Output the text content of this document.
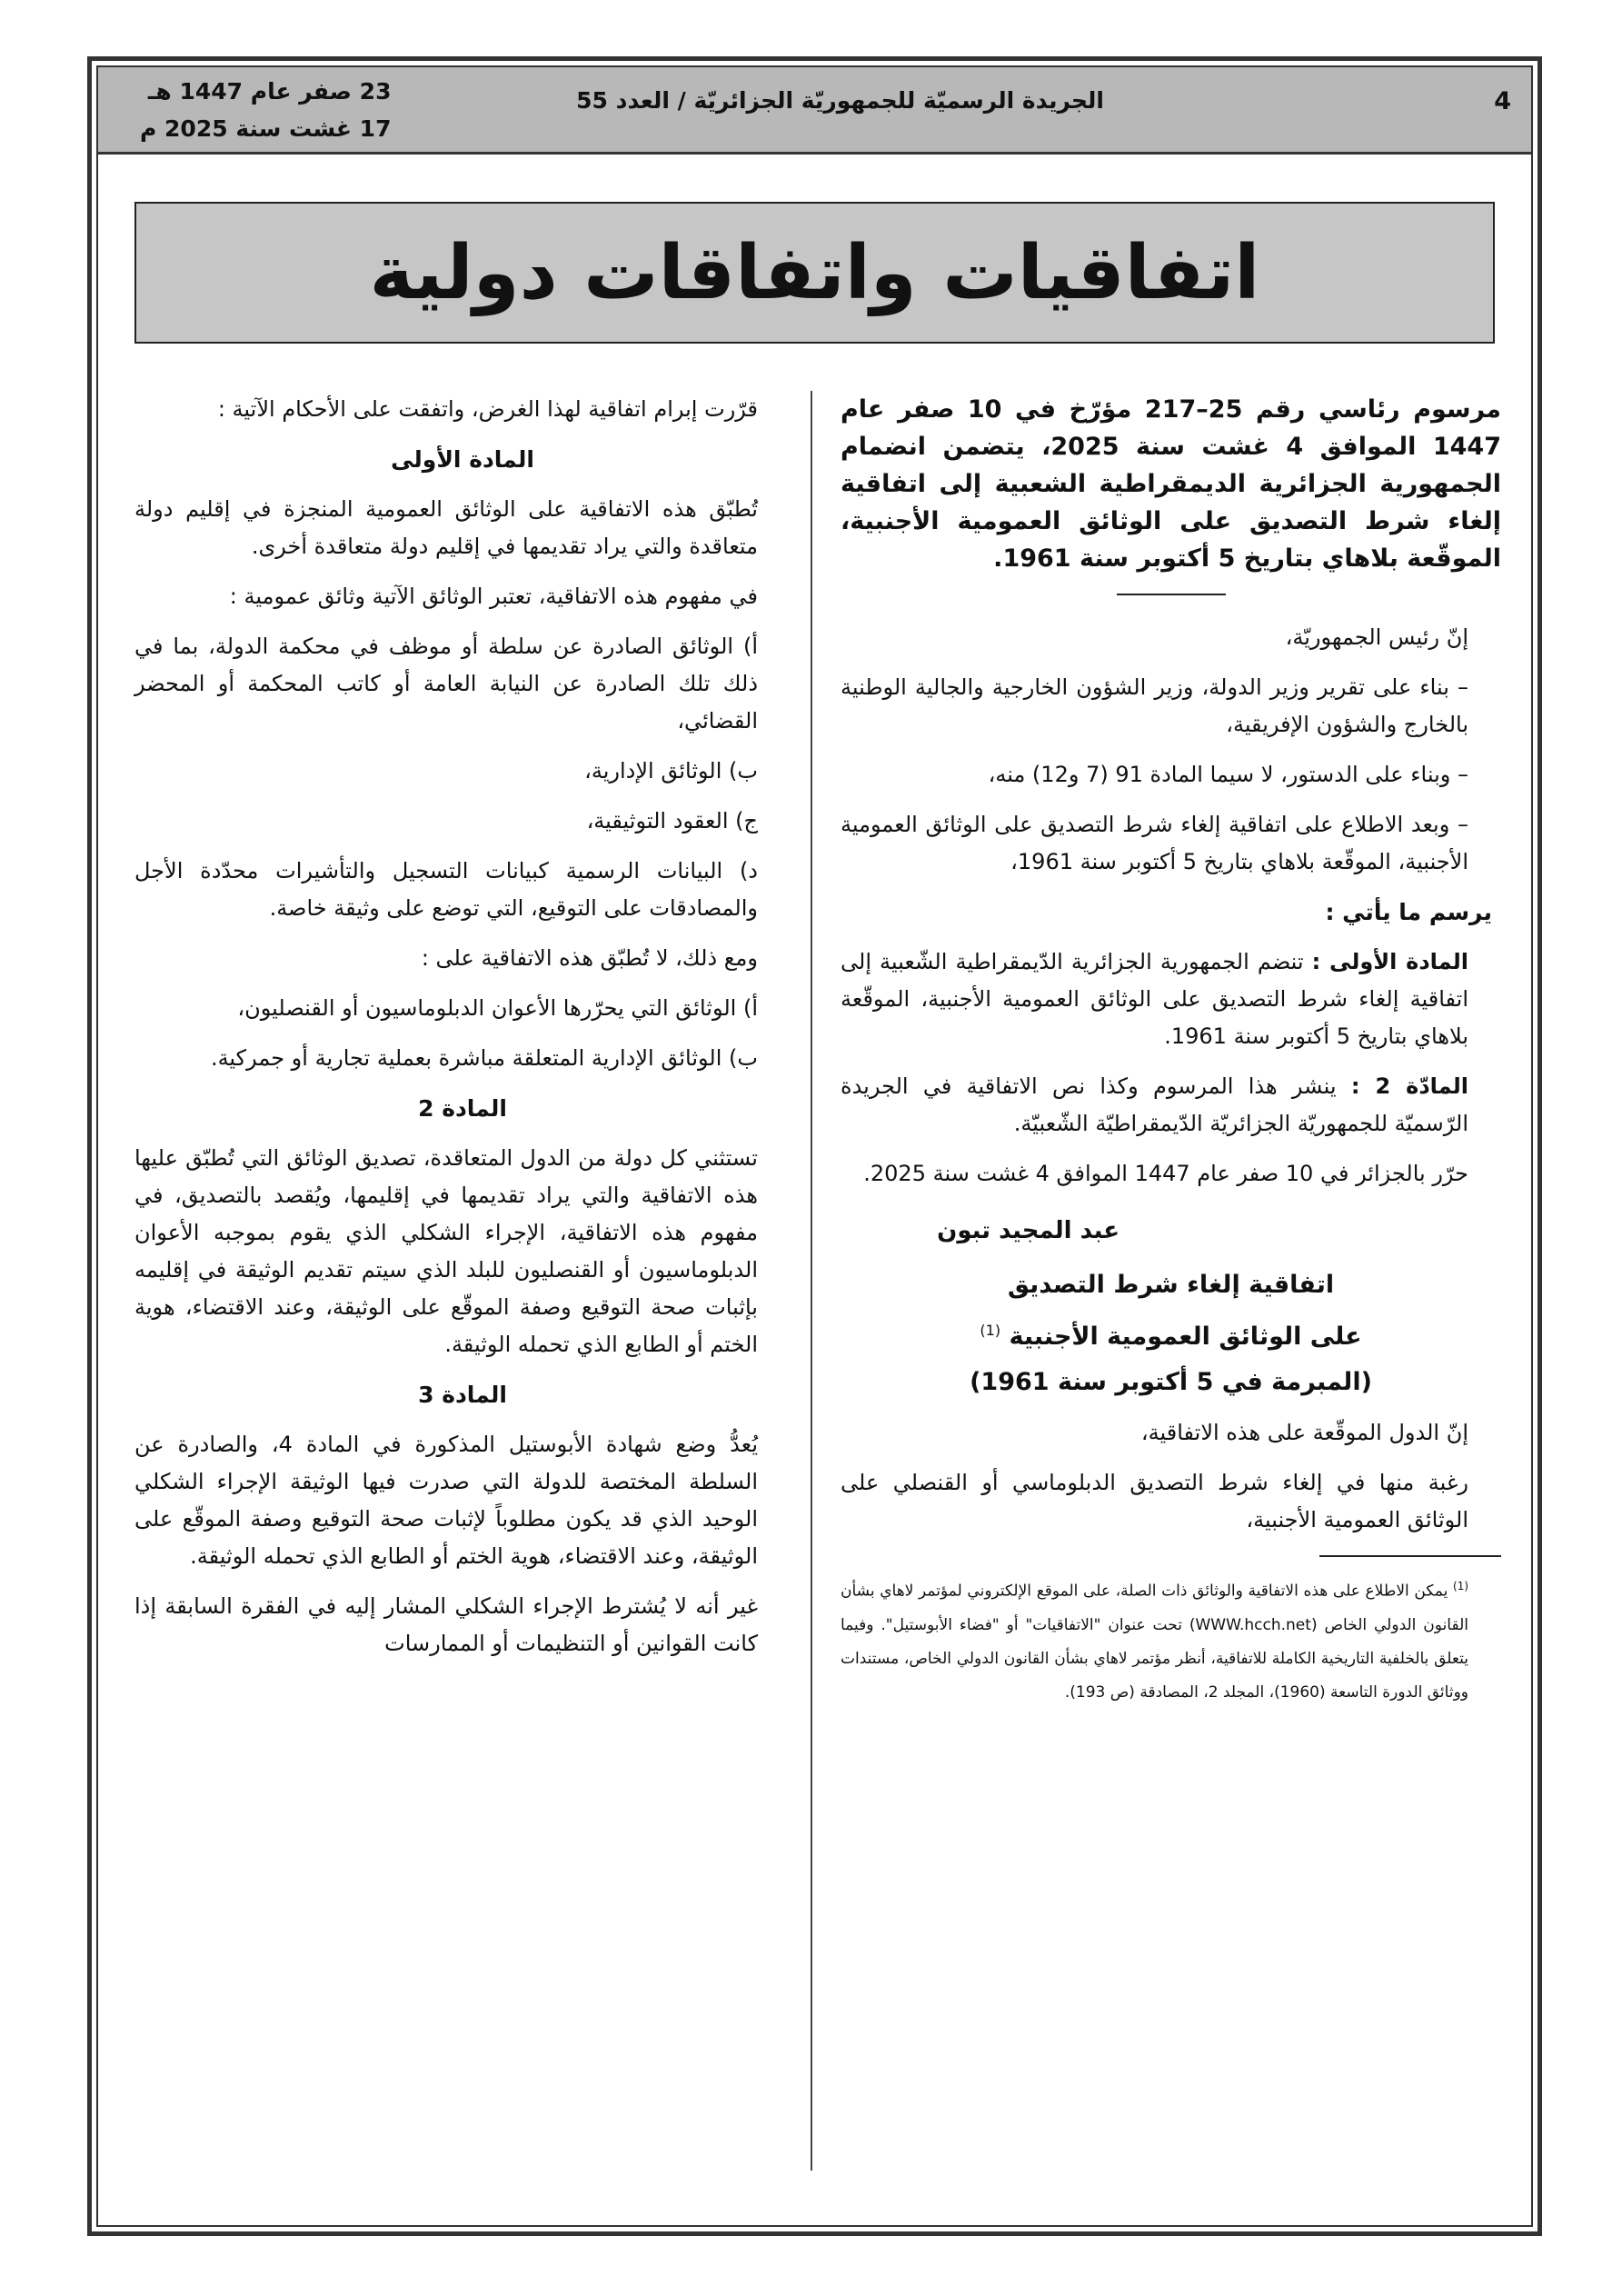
4
الجريدة الرسميّة للجمهوريّة الجزائريّة / العدد 55
23 صفر عام 1447 هـ
17 غشت سنة 2025 م
اتفاقيات واتفاقات دولية

مرسوم رئاسي رقم 25–217 مؤرّخ في 10 صفر عام 1447 الموافق 4 غشت سنة 2025، يتضمن انضمام الجمهورية الجزائرية الديمقراطية الشعبية إلى اتفاقية إلغاء شرط التصديق على الوثائق العمومية الأجنبية، الموقّعة بلاهاي بتاريخ 5 أكتوبر سنة 1961.

إنّ رئيس الجمهوريّة،

– بناء على تقرير وزير الدولة، وزير الشؤون الخارجية والجالية الوطنية بالخارج والشؤون الإفريقية،

– وبناء على الدستور، لا سيما المادة 91 (7 و12) منه،

– وبعد الاطلاع على اتفاقية إلغاء شرط التصديق على الوثائق العمومية الأجنبية، الموقّعة بلاهاي بتاريخ 5 أكتوبر سنة 1961،

يرسم ما يأتي :

المادة الأولى : تنضم الجمهورية الجزائرية الدّيمقراطية الشّعبية إلى اتفاقية إلغاء شرط التصديق على الوثائق العمومية الأجنبية، الموقّعة بلاهاي بتاريخ 5 أكتوبر سنة 1961.

المادّة 2 : ينشر هذا المرسوم وكذا نص الاتفاقية في الجريدة الرّسميّة للجمهوريّة الجزائريّة الدّيمقراطيّة الشّعبيّة.

حرّر بالجزائر في 10 صفر عام 1447 الموافق 4 غشت سنة 2025.

عبد المجيد تبون

اتفاقية إلغاء شرط التصديق
على الوثائق العمومية الأجنبية $^{(1)}$
(المبرمة في 5 أكتوبر سنة 1961)

إنّ الدول الموقّعة على هذه الاتفاقية،

رغبة منها في إلغاء شرط التصديق الدبلوماسي أو القنصلي على الوثائق العمومية الأجنبية،

$^{(1)}$ يمكن الاطلاع على هذه الاتفاقية والوثائق ذات الصلة، على الموقع الإلكتروني لمؤتمر لاهاي بشأن القانون الدولي الخاص (WWW.hcch.net) تحت عنوان "الاتفاقيات" أو "فضاء الأبوستيل". وفيما يتعلق بالخلفية التاريخية الكاملة للاتفاقية، أنظر مؤتمر لاهاي بشأن القانون الدولي الخاص، مستندات ووثائق الدورة التاسعة (1960)، المجلد 2، المصادقة (ص 193).

قرّرت إبرام اتفاقية لهذا الغرض، واتفقت على الأحكام الآتية :

المادة الأولى

تُطبّق هذه الاتفاقية على الوثائق العمومية المنجزة في إقليم دولة متعاقدة والتي يراد تقديمها في إقليم دولة متعاقدة أخرى.

في مفهوم هذه الاتفاقية، تعتبر الوثائق الآتية وثائق عمومية :

أ) الوثائق الصادرة عن سلطة أو موظف في محكمة الدولة، بما في ذلك تلك الصادرة عن النيابة العامة أو كاتب المحكمة أو المحضر القضائي،

ب) الوثائق الإدارية،

ج) العقود التوثيقية،

د) البيانات الرسمية كبيانات التسجيل والتأشيرات محدّدة الأجل والمصادقات على التوقيع، التي توضع على وثيقة خاصة.

ومع ذلك، لا تُطبّق هذه الاتفاقية على :

أ) الوثائق التي يحرّرها الأعوان الدبلوماسيون أو القنصليون،

ب) الوثائق الإدارية المتعلقة مباشرة بعملية تجارية أو جمركية.

المادة 2

تستثني كل دولة من الدول المتعاقدة، تصديق الوثائق التي تُطبّق عليها هذه الاتفاقية والتي يراد تقديمها في إقليمها، ويُقصد بالتصديق، في مفهوم هذه الاتفاقية، الإجراء الشكلي الذي يقوم بموجبه الأعوان الدبلوماسيون أو القنصليون للبلد الذي سيتم تقديم الوثيقة في إقليمه بإثبات صحة التوقيع وصفة الموقّع على الوثيقة، وعند الاقتضاء، هوية الختم أو الطابع الذي تحمله الوثيقة.

المادة 3

يُعدُّ وضع شهادة الأبوستيل المذكورة في المادة 4، والصادرة عن السلطة المختصة للدولة التي صدرت فيها الوثيقة الإجراء الشكلي الوحيد الذي قد يكون مطلوباً لإثبات صحة التوقيع وصفة الموقّع على الوثيقة، وعند الاقتضاء، هوية الختم أو الطابع الذي تحمله الوثيقة.

غير أنه لا يُشترط الإجراء الشكلي المشار إليه في الفقرة السابقة إذا كانت القوانين أو التنظيمات أو الممارسات
